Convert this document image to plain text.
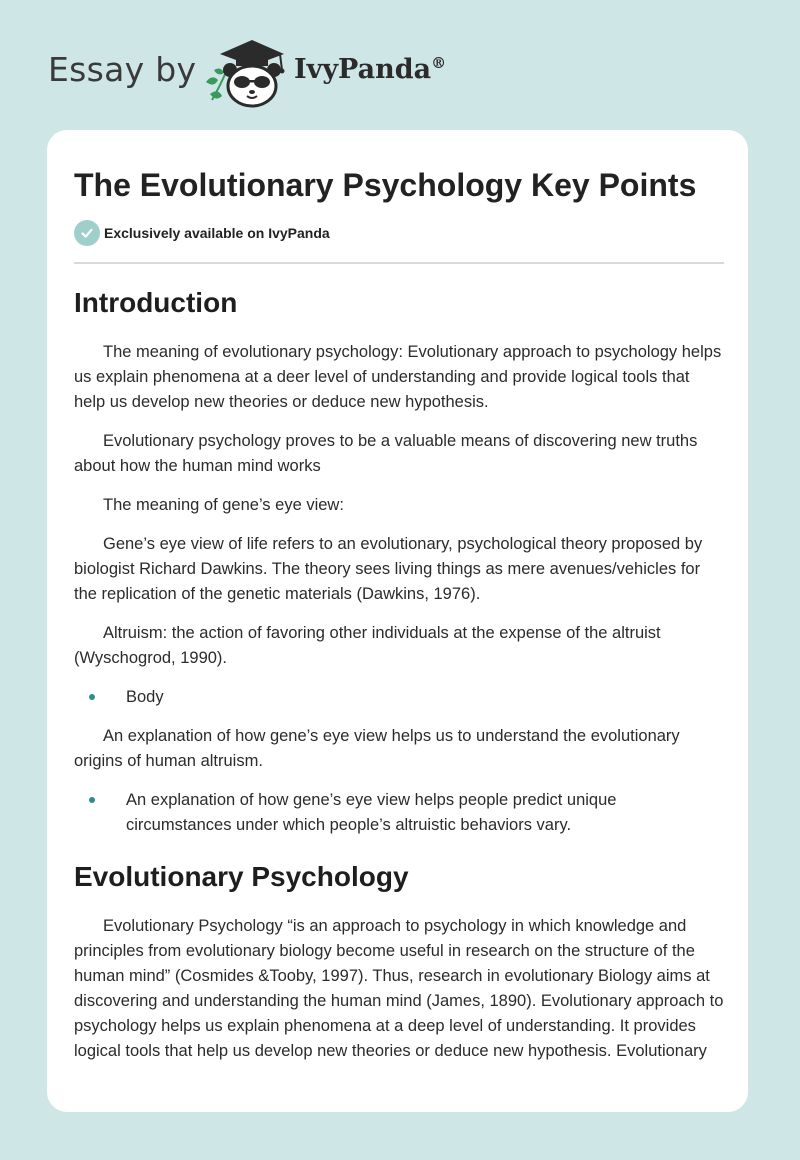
Essay by	IvyPanda®
The Evolutionary Psychology Key Points
Exclusively available on IvyPanda
Introduction

The meaning of evolutionary psychology: Evolutionary approach to psychology helps us explain phenomena at a deer level of understanding and provide logical tools that help us develop new theories or deduce new hypothesis.

Evolutionary psychology proves to be a valuable means of discovering new truths about how the human mind works

The meaning of gene’s eye view:

Gene’s eye view of life refers to an evolutionary, psychological theory proposed by biologist Richard Dawkins. The theory sees living things as mere avenues/vehicles for the replication of the genetic materials (Dawkins, 1976).

Altruism: the action of favoring other individuals at the expense of the altruist (Wyschogrod, 1990).

Body

An explanation of how gene’s eye view helps us to understand the evolutionary origins of human altruism.

An explanation of how gene’s eye view helps people predict unique circumstances under which people’s altruistic behaviors vary.
Evolutionary Psychology

Evolutionary Psychology “is an approach to psychology in which knowledge and principles from evolutionary biology become useful in research on the structure of the human mind” (Cosmides &Tooby, 1997). Thus, research in evolutionary Biology aims at discovering and understanding the human mind (James, 1890). Evolutionary approach to psychology helps us explain phenomena at a deep level of understanding. It provides logical tools that help us develop new theories or deduce new hypothesis. Evolutionary
